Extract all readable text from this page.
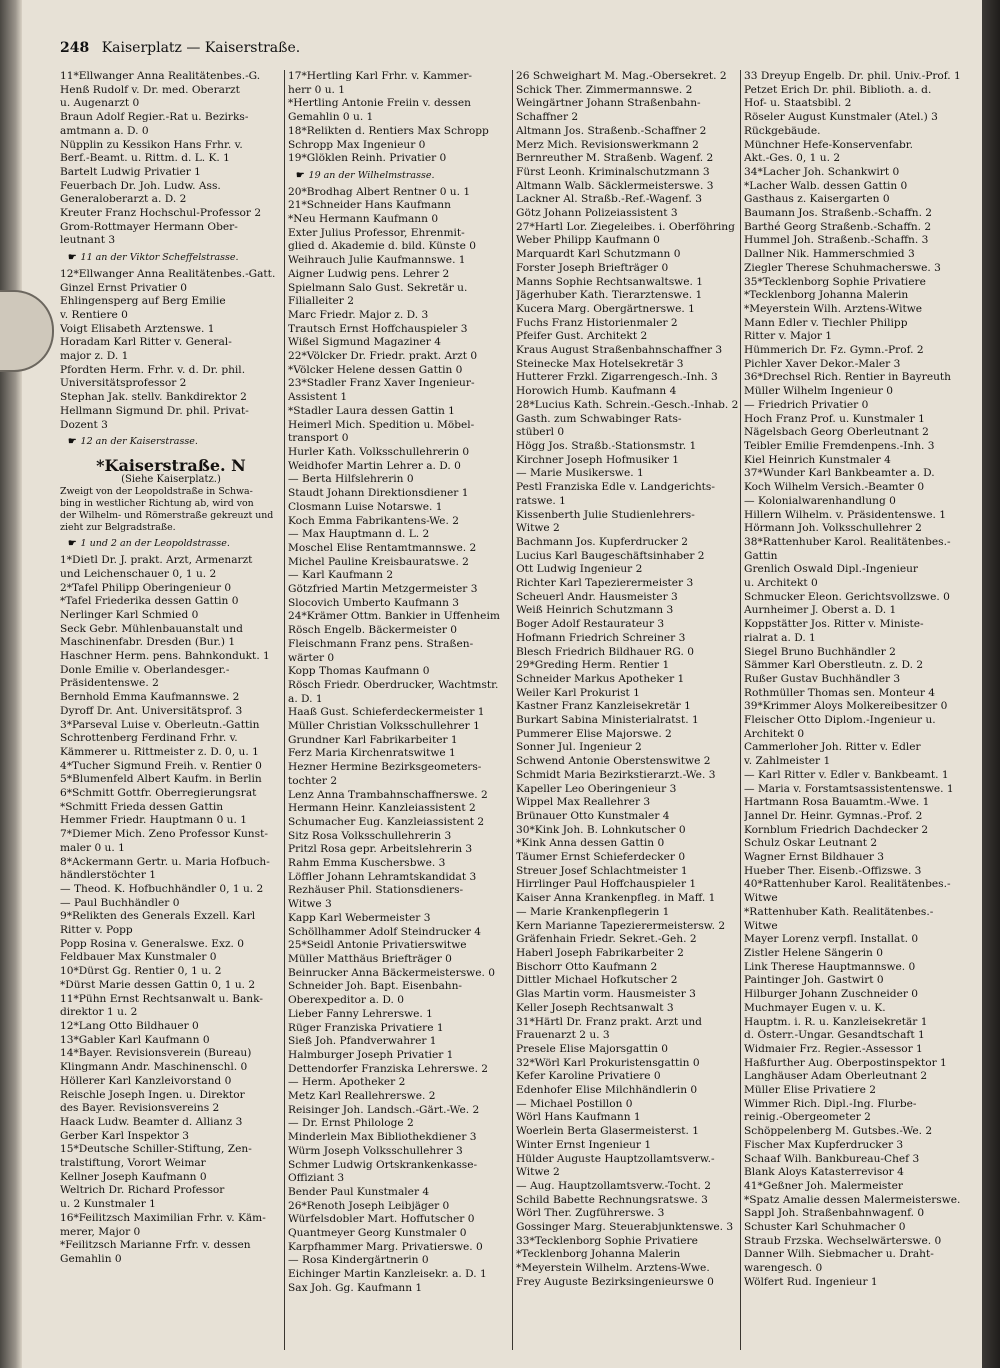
248 Kaiserplatz — Kaiserstraße.
11*Ellwanger Anna Realitätenbes.-G.
Henß Rudolf v. Dr. med. Oberarzt
u. Augenarzt 0
Braun Adolf Regier.-Rat u. Bezirks-
amtmann a. D. 0
Nüpplin zu Kessikon Hans Frhr. v.
Berf.-Beamt. u. Rittm. d. L. K. 1
Bartelt Ludwig Privatier 1
Feuerbach Dr. Joh. Ludw. Ass.
Generaloberarzt a. D. 2
Kreuter Franz Hochschul-Professor 2
Grom-Rottmayer Hermann Ober-
leutnant 3
☛ 11 an der Viktor Scheffelstrasse.
12*Ellwanger Anna Realitätenbes.-Gatt.
Ginzel Ernst Privatier 0
Ehlingensperg auf Berg Emilie
v. Rentiere 0
Voigt Elisabeth Arztenswe. 1
Horadam Karl Ritter v. General-
major z. D. 1
Pfordten Herm. Frhr. v. d. Dr. phil.
Universitätsprofessor 2
Stephan Jak. stellv. Bankdirektor 2
Hellmann Sigmund Dr. phil. Privat-
Dozent 3
☛ 12 an der Kaiserstrasse.
*Kaiserstraße. N
(Siehe Kaiserplatz.)
Zweigt von der Leopoldstraße in Schwa-
bing in westlicher Richtung ab, wird von
der Wilhelm- und Römerstraße gekreuzt und
zieht zur Belgradstraße.
☛ 1 und 2 an der Leopoldstrasse.
1*Dietl Dr. J. prakt. Arzt, Armenarzt
und Leichenschauer 0, 1 u. 2
2*Tafel Philipp Oberingenieur 0
*Tafel Friederika dessen Gattin 0
Nerlinger Karl Schmied 0
Seck Gebr. Mühlenbauanstalt und
Maschinenfabr. Dresden (Bur.) 1
Haschner Herm. pens. Bahnkondukt. 1
Donle Emilie v. Oberlandesger.-
Präsidentenswe. 2
Bernhold Emma Kaufmannswe. 2
Dyroff Dr. Ant. Universitätsprof. 3
3*Parseval Luise v. Oberleutn.-Gattin
Schrottenberg Ferdinand Frhr. v.
Kämmerer u. Rittmeister z. D. 0, u. 1
4*Tucher Sigmund Freih. v. Rentier 0
5*Blumenfeld Albert Kaufm. in Berlin
6*Schmitt Gottfr. Oberregierungsrat
*Schmitt Frieda dessen Gattin
Hemmer Friedr. Hauptmann 0 u. 1
7*Diemer Mich. Zeno Professor Kunst-
maler 0 u. 1
8*Ackermann Gertr. u. Maria Hofbuch-
händlerstöchter 1
— Theod. K. Hofbuchhändler 0, 1 u. 2
— Paul Buchhändler 0
9*Relikten des Generals Exzell. Karl
Ritter v. Popp
Popp Rosina v. Generalswe. Exz. 0
Feldbauer Max Kunstmaler 0
10*Dürst Gg. Rentier 0, 1 u. 2
*Dürst Marie dessen Gattin 0, 1 u. 2
11*Pühn Ernst Rechtsanwalt u. Bank-
direktor 1 u. 2
12*Lang Otto Bildhauer 0
13*Gabler Karl Kaufmann 0
14*Bayer. Revisionsverein (Bureau)
Klingmann Andr. Maschinenschl. 0
Höllerer Karl Kanzleivorstand 0
Reischle Joseph Ingen. u. Direktor
des Bayer. Revisionsvereins 2
Haack Ludw. Beamter d. Allianz 3
Gerber Karl Inspektor 3
15*Deutsche Schiller-Stiftung, Zen-
tralstiftung, Vorort Weimar
Kellner Joseph Kaufmann 0
Weltrich Dr. Richard Professor
u. 2 Kunstmaler 1
16*Feilitzsch Maximilian Frhr. v. Käm-
merer, Major 0
*Feilitzsch Marianne Frfr. v. dessen
Gemahlin 0
17*Hertling Karl Frhr. v. Kammer-
herr 0 u. 1
*Hertling Antonie Freiin v. dessen
Gemahlin 0 u. 1
18*Relikten d. Rentiers Max Schropp
Schropp Max Ingenieur 0
19*Glöklen Reinh. Privatier 0
☛ 19 an der Wilhelmstrasse.
20*Brodhag Albert Rentner 0 u. 1
21*Schneider Hans Kaufmann
*Neu Hermann Kaufmann 0
Exter Julius Professor, Ehrenmit-
glied d. Akademie d. bild. Künste 0
Weihrauch Julie Kaufmannswe. 1
Aigner Ludwig pens. Lehrer 2
Spielmann Salo Gust. Sekretär u.
Filialleiter 2
Marc Friedr. Major z. D. 3
Trautsch Ernst Hoffchauspieler 3
Wißel Sigmund Magaziner 4
22*Völcker Dr. Friedr. prakt. Arzt 0
*Völcker Helene dessen Gattin 0
23*Stadler Franz Xaver Ingenieur-
Assistent 1
*Stadler Laura dessen Gattin 1
Heimerl Mich. Spedition u. Möbel-
transport 0
Hurler Kath. Volksschullehrerin 0
Weidhofer Martin Lehrer a. D. 0
— Berta Hilfslehrerin 0
Staudt Johann Direktionsdiener 1
Closmann Luise Notarswe. 1
Koch Emma Fabrikantens-We. 2
— Max Hauptmann d. L. 2
Moschel Elise Rentamtmannswe. 2
Michel Pauline Kreisbauratswe. 2
— Karl Kaufmann 2
Götzfried Martin Metzgermeister 3
Slocovich Umberto Kaufmann 3
24*Krämer Ottm. Bankier in Uffenheim
Rösch Engelb. Bäckermeister 0
Fleischmann Franz pens. Straßen-
wärter 0
Kopp Thomas Kaufmann 0
Rösch Friedr. Oberdrucker, Wachtmstr.
a. D. 1
Haaß Gust. Schieferdeckermeister 1
Müller Christian Volksschullehrer 1
Grundner Karl Fabrikarbeiter 1
Ferz Maria Kirchenratswitwe 1
Hezner Hermine Bezirksgeometers-
tochter 2
Lenz Anna Trambahnschaffnerswe. 2
Hermann Heinr. Kanzleiassistent 2
Schumacher Eug. Kanzleiassistent 2
Sitz Rosa Volksschullehrerin 3
Pritzl Rosa gepr. Arbeitslehrerin 3
Rahm Emma Kuschersbwe. 3
Löffler Johann Lehramtskandidat 3
Rezhäuser Phil. Stationsdieners-
Witwe 3
Kapp Karl Webermeister 3
Schöllhammer Adolf Steindrucker 4
25*Seidl Antonie Privatierswitwe
Müller Matthäus Briefträger 0
Beinrucker Anna Bäckermeisterswe. 0
Schneider Joh. Bapt. Eisenbahn-
Oberexpeditor a. D. 0
Lieber Fanny Lehrerswe. 1
Rüger Franziska Privatiere 1
Sieß Joh. Pfandverwahrer 1
Halmburger Joseph Privatier 1
Dettendorfer Franziska Lehrerswe. 2
— Herm. Apotheker 2
Metz Karl Reallehrerswe. 2
Reisinger Joh. Landsch.-Gärt.-We. 2
— Dr. Ernst Philologe 2
Minderlein Max Bibliothekdiener 3
Würm Joseph Volksschullehrer 3
Schmer Ludwig Ortskrankenkasse-
Offiziant 3
Bender Paul Kunstmaler 4
26*Renoth Joseph Leibjäger 0
Würfelsdobler Mart. Hoffutscher 0
Quantmeyer Georg Kunstmaler 0
Karpfhammer Marg. Privatierswe. 0
— Rosa Kindergärtnerin 0
Eichinger Martin Kanzleisekr. a. D. 1
Sax Joh. Gg. Kaufmann 1
26 Schweighart M. Mag.-Obersekret. 2
Schick Ther. Zimmermannswe. 2
Weingärtner Johann Straßenbahn-
Schaffner 2
Altmann Jos. Straßenb.-Schaffner 2
Merz Mich. Revisionswerkmann 2
Bernreuther M. Straßenb. Wagenf. 2
Fürst Leonh. Kriminalschutzmann 3
Altmann Walb. Säcklermeisterswe. 3
Lackner Al. Straßb.-Ref.-Wagenf. 3
Götz Johann Polizeiassistent 3
27*Hartl Lor. Ziegeleibes. i. Oberföhring
Weber Philipp Kaufmann 0
Marquardt Karl Schutzmann 0
Forster Joseph Briefträger 0
Manns Sophie Rechtsanwaltswe. 1
Jägerhuber Kath. Tierarztenswe. 1
Kucera Marg. Obergärtnerswe. 1
Fuchs Franz Historienmaler 2
Pfeifer Gust. Architekt 2
Kraus August Straßenbahnschaffner 3
Steinecke Max Hotelsekretär 3
Hutterer Frzkl. Zigarrengesch.-Inh. 3
Horowich Humb. Kaufmann 4
28*Lucius Kath. Schrein.-Gesch.-Inhab. 2
Gasth. zum Schwabinger Rats-
stüberl 0
Högg Jos. Straßb.-Stationsmstr. 1
Kirchner Joseph Hofmusiker 1
— Marie Musikerswe. 1
Pestl Franziska Edle v. Landgerichts-
ratswe. 1
Kissenberth Julie Studienlehrers-
Witwe 2
Bachmann Jos. Kupferdrucker 2
Lucius Karl Baugeschäftsinhaber 2
Ott Ludwig Ingenieur 2
Richter Karl Tapezierermeister 3
Scheuerl Andr. Hausmeister 3
Weiß Heinrich Schutzmann 3
Boger Adolf Restaurateur 3
Hofmann Friedrich Schreiner 3
Blesch Friedrich Bildhauer RG. 0
29*Greding Herm. Rentier 1
Schneider Markus Apotheker 1
Weiler Karl Prokurist 1
Kastner Franz Kanzleisekretär 1
Burkart Sabina Ministerialratst. 1
Pummerer Elise Majorswe. 2
Sonner Jul. Ingenieur 2
Schwend Antonie Oberstenswitwe 2
Schmidt Maria Bezirkstierarzt.-We. 3
Kapeller Leo Oberingenieur 3
Wippel Max Reallehrer 3
Brünauer Otto Kunstmaler 4
30*Kink Joh. B. Lohnkutscher 0
*Kink Anna dessen Gattin 0
Täumer Ernst Schieferdecker 0
Streuer Josef Schlachtmeister 1
Hirrlinger Paul Hoffchauspieler 1
Kaiser Anna Krankenpfleg. in Maff. 1
— Marie Krankenpflegerin 1
Kern Marianne Tapezierermeistersw. 2
Gräfenhain Friedr. Sekret.-Geh. 2
Haberl Joseph Fabrikarbeiter 2
Bischorr Otto Kaufmann 2
Dittler Michael Hofkutscher 2
Glas Martin vorm. Hausmeister 3
Keller Joseph Rechtsanwalt 3
31*Härtl Dr. Franz prakt. Arzt und
Frauenarzt 2 u. 3
Presele Elise Majorsgattin 0
32*Wörl Karl Prokuristensgattin 0
Kefer Karoline Privatiere 0
Edenhofer Elise Milchhändlerin 0
— Michael Postillon 0
Wörl Hans Kaufmann 1
Woerlein Berta Glasermeisterst. 1
Winter Ernst Ingenieur 1
Hülder Auguste Hauptzollamtsverw.-
Witwe 2
— Aug. Hauptzollamtsverw.-Tocht. 2
Schild Babette Rechnungsratswe. 3
Wörl Ther. Zugführerswe. 3
Gossinger Marg. Steuerabjunktenswe. 3
33*Tecklenborg Sophie Privatiere
*Tecklenborg Johanna Malerin
*Meyerstein Wilhelm. Arztens-Wwe.
Frey Auguste Bezirksingenieurswe 0
33 Dreyup Engelb. Dr. phil. Univ.-Prof. 1
Petzet Erich Dr. phil. Biblioth. a. d.
Hof- u. Staatsbibl. 2
Röseler August Kunstmaler (Atel.) 3
Rückgebäude.
Münchner Hefe-Konservenfabr.
Akt.-Ges. 0, 1 u. 2
34*Lacher Joh. Schankwirt 0
*Lacher Walb. dessen Gattin 0
Gasthaus z. Kaisergarten 0
Baumann Jos. Straßenb.-Schaffn. 2
Barthé Georg Straßenb.-Schaffn. 2
Hummel Joh. Straßenb.-Schaffn. 3
Dallner Nik. Hammerschmied 3
Ziegler Therese Schuhmacherswe. 3
35*Tecklenborg Sophie Privatiere
*Tecklenborg Johanna Malerin
*Meyerstein Wilh. Arztens-Witwe
Mann Edler v. Tiechler Philipp
Ritter v. Major 1
Hümmerich Dr. Fz. Gymn.-Prof. 2
Pichler Xaver Dekor.-Maler 3
36*Drechsel Rich. Rentier in Bayreuth
Müller Wilhelm Ingenieur 0
— Friedrich Privatier 0
Hoch Franz Prof. u. Kunstmaler 1
Nägelsbach Georg Oberleutnant 2
Teibler Emilie Fremdenpens.-Inh. 3
Kiel Heinrich Kunstmaler 4
37*Wunder Karl Bankbeamter a. D.
Koch Wilhelm Versich.-Beamter 0
— Kolonialwarenhandlung 0
Hillern Wilhelm. v. Präsidentenswe. 1
Hörmann Joh. Volksschullehrer 2
38*Rattenhuber Karol. Realitätenbes.-
Gattin
Grenlich Oswald Dipl.-Ingenieur
u. Architekt 0
Schmucker Eleon. Gerichtsvollzswe. 0
Aurnheimer J. Oberst a. D. 1
Koppstätter Jos. Ritter v. Ministe-
rialrat a. D. 1
Siegel Bruno Buchhändler 2
Sämmer Karl Oberstleutn. z. D. 2
Rußer Gustav Buchhändler 3
Rothmüller Thomas sen. Monteur 4
39*Krimmer Aloys Molkereibesitzer 0
Fleischer Otto Diplom.-Ingenieur u.
Architekt 0
Cammerloher Joh. Ritter v. Edler
v. Zahlmeister 1
— Karl Ritter v. Edler v. Bankbeamt. 1
— Maria v. Forstamtsassistentenswe. 1
Hartmann Rosa Bauamtm.-Wwe. 1
Jannel Dr. Heinr. Gymnas.-Prof. 2
Kornblum Friedrich Dachdecker 2
Schulz Oskar Leutnant 2
Wagner Ernst Bildhauer 3
Hueber Ther. Eisenb.-Offizswe. 3
40*Rattenhuber Karol. Realitätenbes.-
Witwe
*Rattenhuber Kath. Realitätenbes.-
Witwe
Mayer Lorenz verpfl. Installat. 0
Zistler Helene Sängerin 0
Link Therese Hauptmannswe. 0
Paintinger Joh. Gastwirt 0
Hilburger Johann Zuschneider 0
Muchmayer Eugen v. u. K.
Hauptm. i. R. u. Kanzleisekretär 1
d. Österr.-Ungar. Gesandtschaft 1
Widmaier Frz. Regier.-Assessor 1
Haßfurther Aug. Oberpostinspektor 1
Langhäuser Adam Oberleutnant 2
Müller Elise Privatiere 2
Wimmer Rich. Dipl.-Ing. Flurbe-
reinig.-Obergeometer 2
Schöppelenberg M. Gutsbes.-We. 2
Fischer Max Kupferdrucker 3
Schaaf Wilh. Bankbureau-Chef 3
Blank Aloys Katasterrevisor 4
41*Geßner Joh. Malermeister
*Spatz Amalie dessen Malermeisterswe.
Sappl Joh. Straßenbahnwagenf. 0
Schuster Karl Schuhmacher 0
Straub Frzska. Wechselwärterswe. 0
Danner Wilh. Siebmacher u. Draht-
warengesch. 0
Wölfert Rud. Ingenieur 1
